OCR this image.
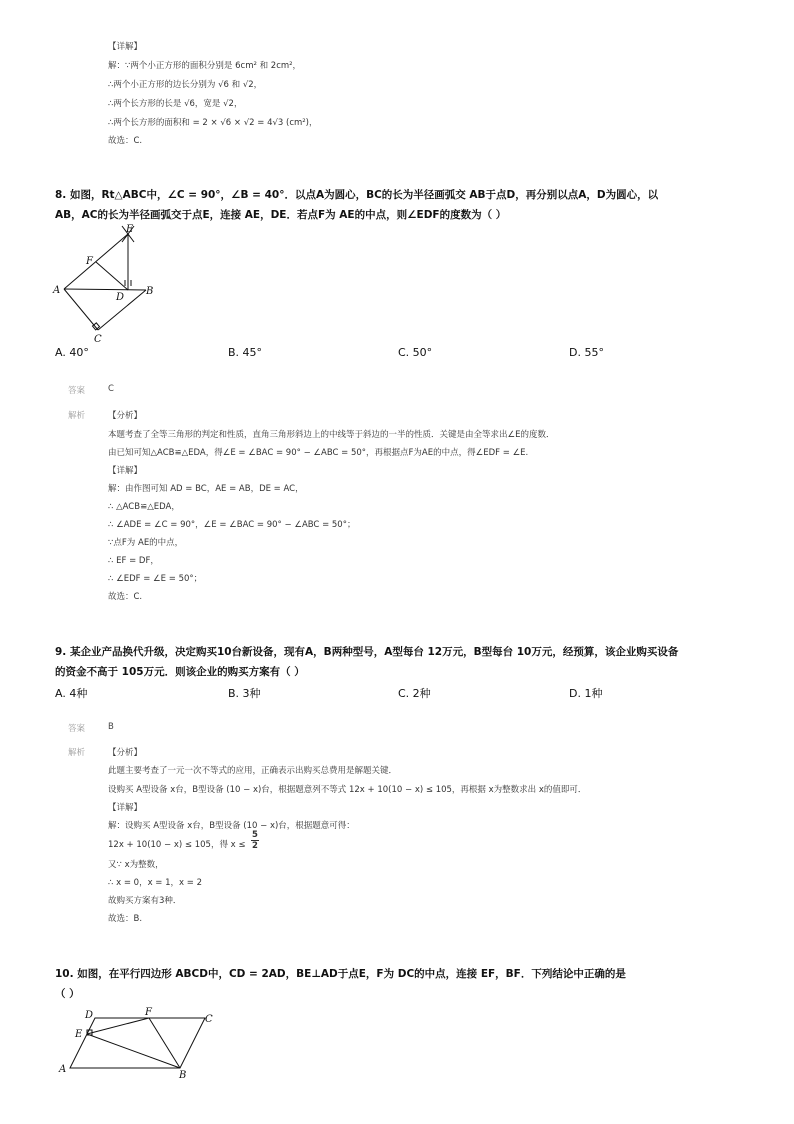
【详解】
解：∵两个小正方形的面积分别是 6cm² 和 2cm²，
∴两个小正方形的边长分别为 √6 和 √2，
∴两个长方形的长是 √6，宽是 √2，
∴两个长方形的面积和 = 2 × √6 × √2 = 4√3 (cm²)，
故选：C.
8. 如图，Rt△ABC中，∠C = 90°，∠B = 40°．以点A为圆心，BC的长为半径画弧交 AB于点D，再分别以点A，D为圆心，以
AB，AC的长为半径画弧交于点E，连接 AE，DE．若点F为 AE的中点，则∠EDF的度数为（ ）
E
F
A
D
B
C
A. 40°	B. 45°	C. 50°	D. 55°
答案	C
解析	【分析】
本题考查了全等三角形的判定和性质，直角三角形斜边上的中线等于斜边的一半的性质．关键是由全等求出∠E的度数．
由已知可知△ACB≌△EDA，得∠E = ∠BAC = 90° − ∠ABC = 50°，再根据点F为AE的中点，得∠EDF = ∠E.
【详解】
解：由作图可知 AD = BC，AE = AB，DE = AC，
∴ △ACB≌△EDA，
∴ ∠ADE = ∠C = 90°，∠E = ∠BAC = 90° − ∠ABC = 50°；
∵点F为 AE的中点，
∴ EF = DF，
∴ ∠EDF = ∠E = 50°；
故选：C.
9. 某企业产品换代升级，决定购买10台新设备，现有A，B两种型号，A型每台 12万元，B型每台 10万元，经预算，该企业购买设备
的资金不高于 105万元．则该企业的购买方案有（ ）
A. 4种	B. 3种	C. 2种	D. 1种
答案	B
解析	【分析】
此题主要考查了一元一次不等式的应用，正确表示出购买总费用是解题关键．
设购买 A型设备 x台，B型设备 (10 − x)台，根据题意列不等式 12x + 10(10 − x) ≤ 105，再根据 x为整数求出 x的值即可．
【详解】
解：设购买 A型设备 x台，B型设备 (10 − x)台，根据题意可得：
12x + 10(10 − x) ≤ 105，得 x ≤
5
2
又∵ x为整数，
∴ x = 0，x = 1，x = 2
故购买方案有3种．
故选：B.
10. 如图，在平行四边形 ABCD中，CD = 2AD，BE⊥AD于点E，F为 DC的中点，连接 EF，BF．下列结论中正确的是
（ ）
D	F
C
E
A
B
